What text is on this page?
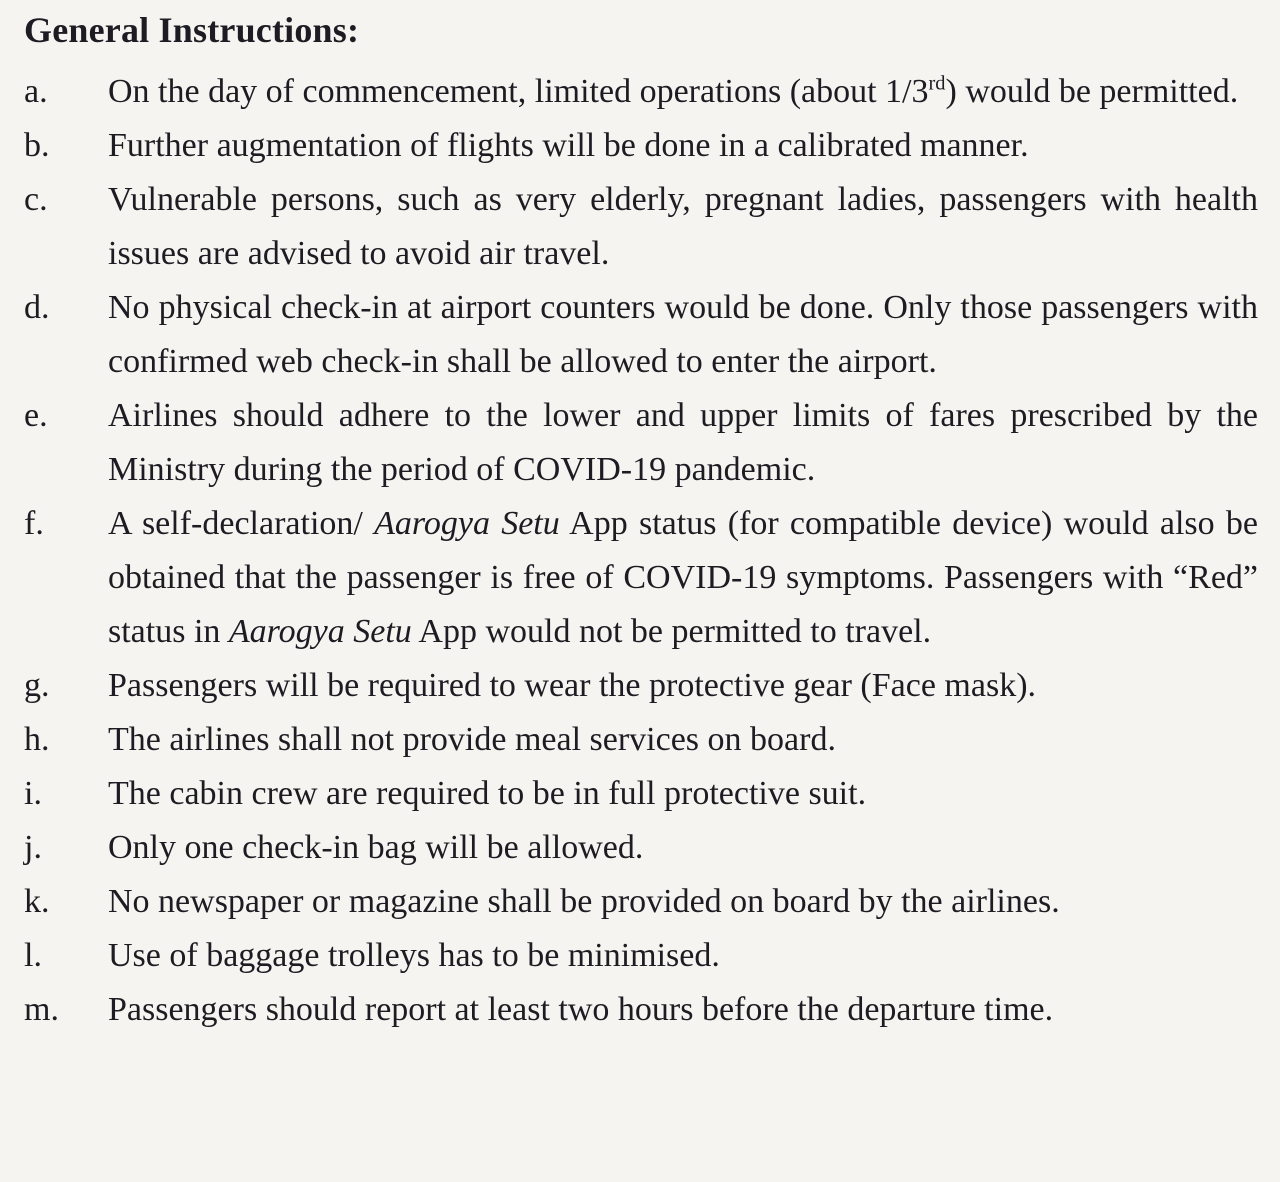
General Instructions:
a.	On the day of commencement, limited operations (about 1/3rd) would be permitted.
b.	Further augmentation of flights will be done in a calibrated manner.
c.	Vulnerable persons, such as very elderly, pregnant ladies, passengers with health issues are advised to avoid air travel.
d.	No physical check-in at airport counters would be done. Only those passengers with confirmed web check-in shall be allowed to enter the airport.
e.	Airlines should adhere to the lower and upper limits of fares prescribed by the Ministry during the period of COVID-19 pandemic.
f.	A self-declaration/ Aarogya Setu App status (for compatible device) would also be obtained that the passenger is free of COVID-19 symptoms. Passengers with “Red” status in Aarogya Setu App would not be permitted to travel.
g.	Passengers will be required to wear the protective gear (Face mask).
h.	The airlines shall not provide meal services on board.
i.	The cabin crew are required to be in full protective suit.
j.	Only one check-in bag will be allowed.
k.	No newspaper or magazine shall be provided on board by the airlines.
l.	Use of baggage trolleys has to be minimised.
m.	Passengers should report at least two hours before the departure time.
